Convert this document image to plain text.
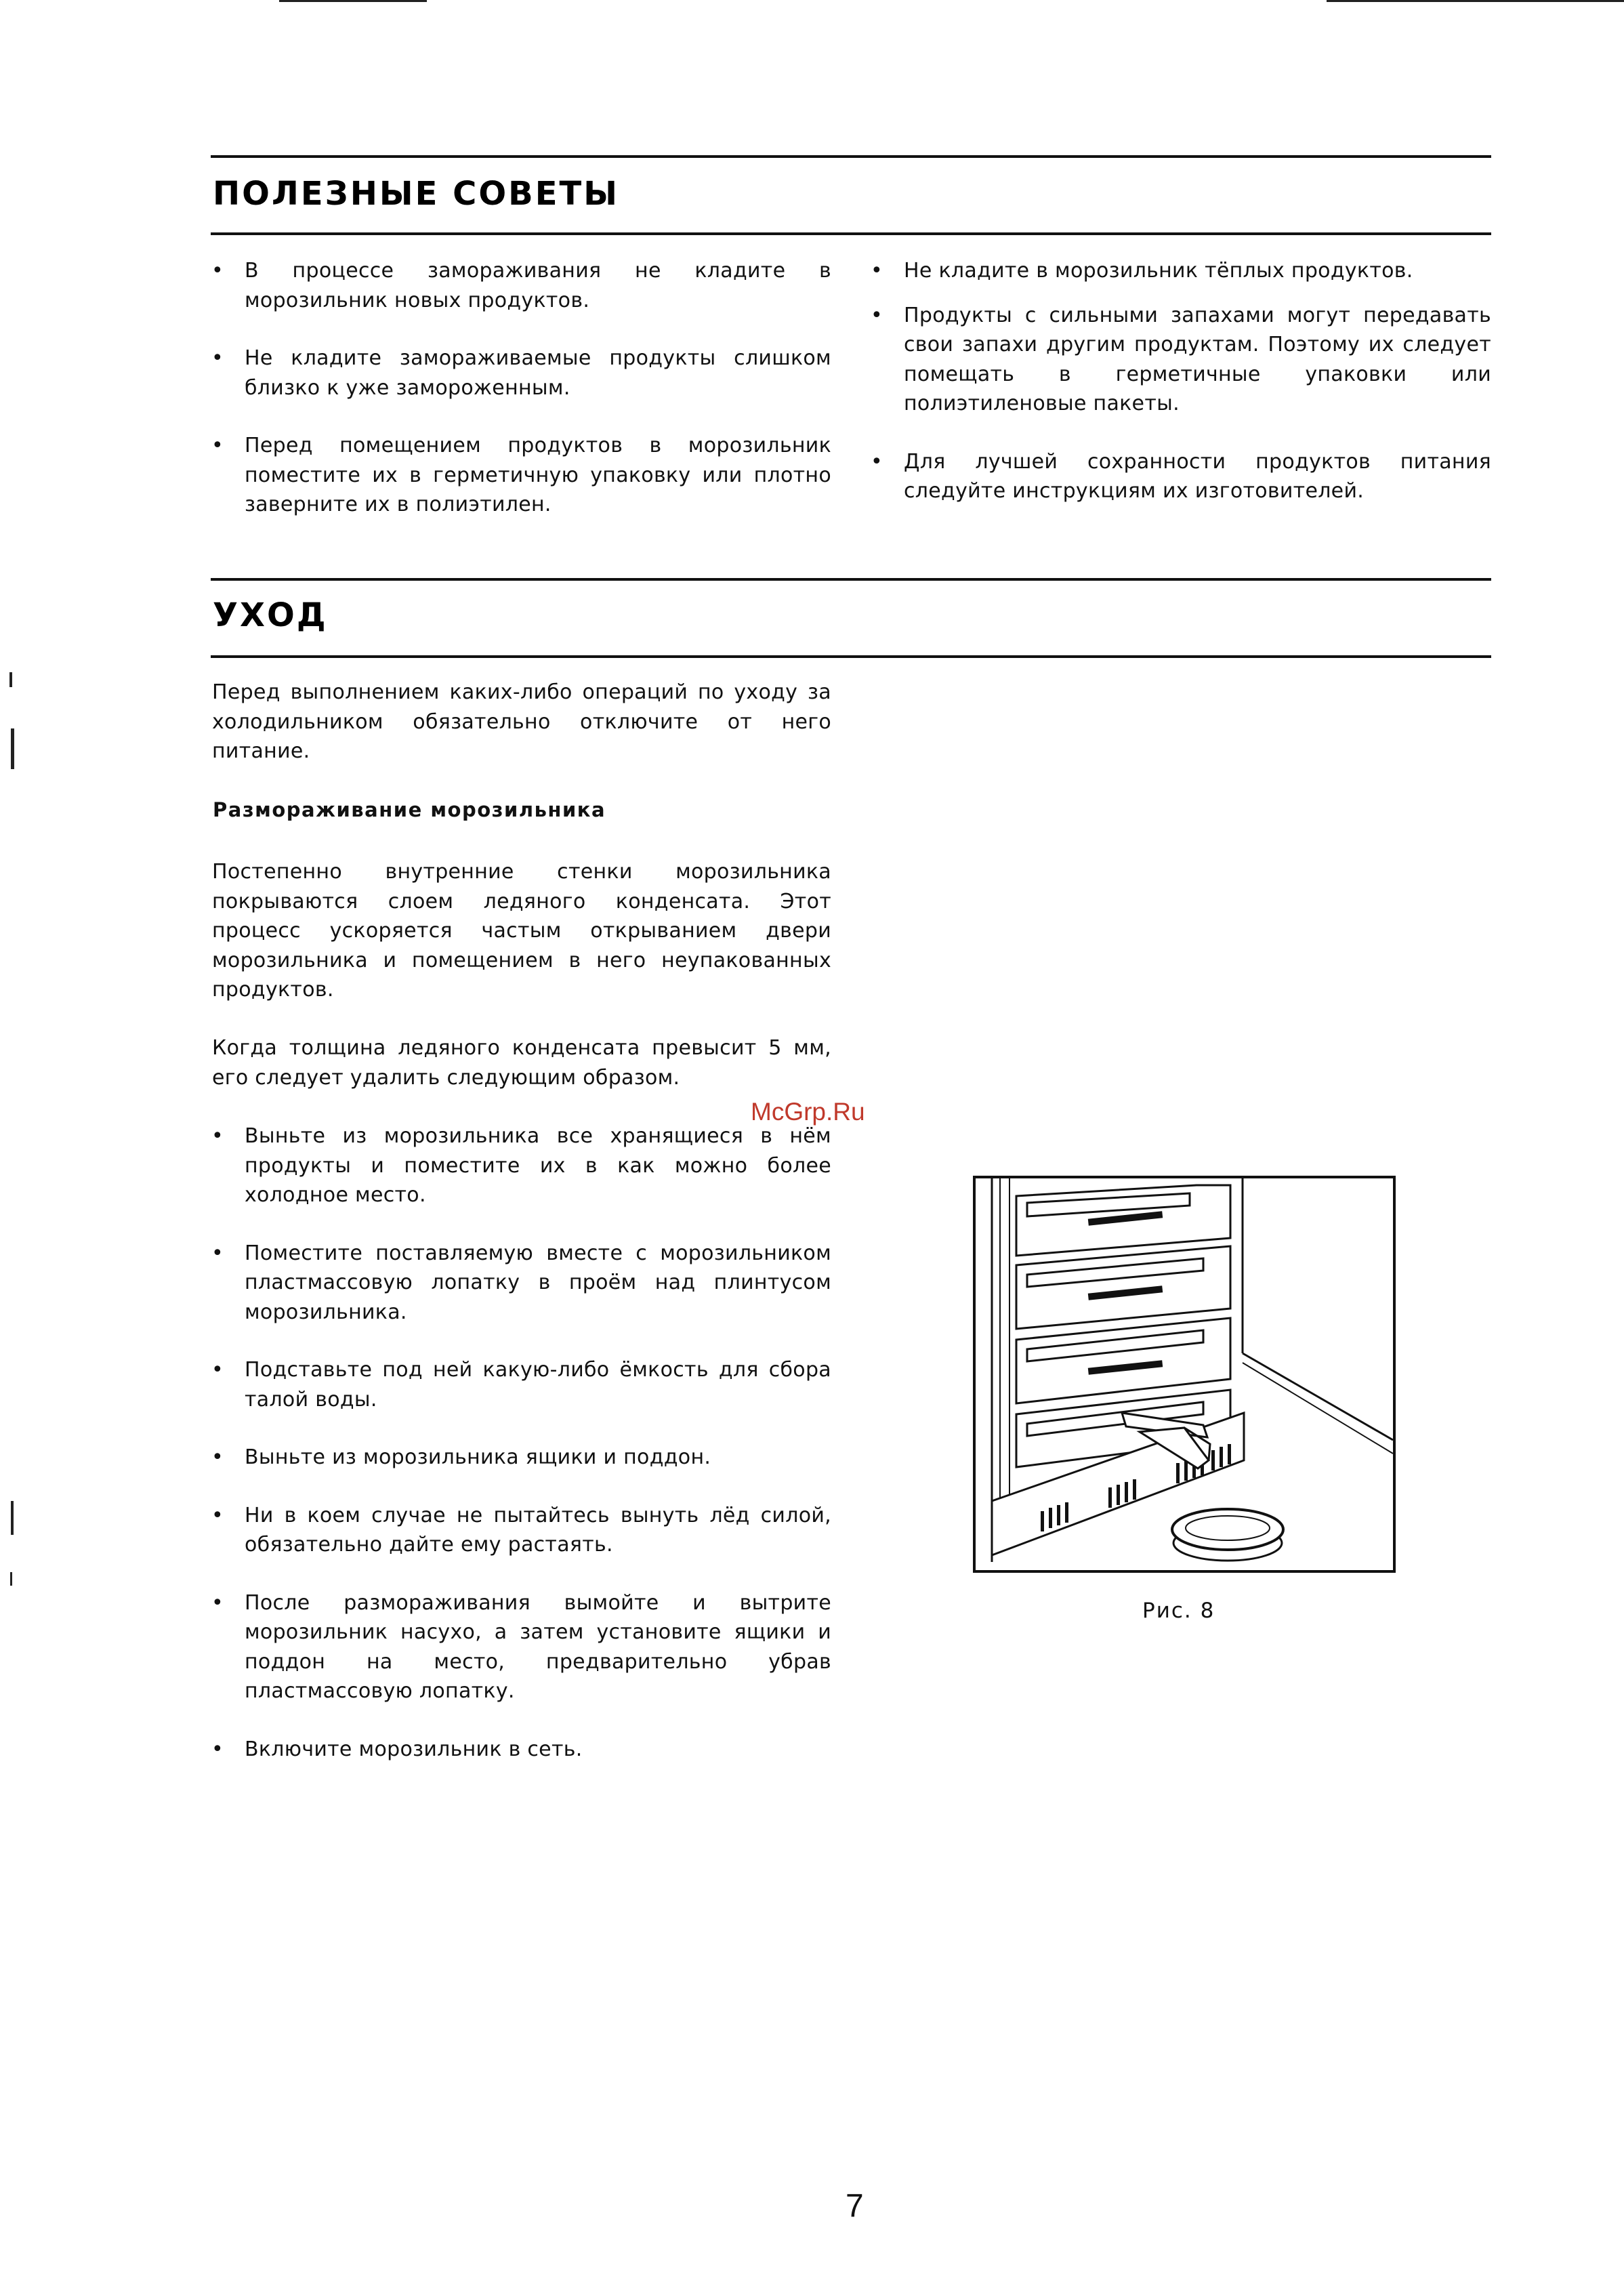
ПОЛЕЗНЫЕ СОВЕТЫ
• В процессе замораживания не кладите в морозильник новых продуктов.
• Не кладите замораживаемые продукты слишком близко к уже замороженным.
• Перед помещением продуктов в морозильник поместите их в герметичную упаковку или плотно заверните их в полиэтилен.
• Не кладите в морозильник тёплых продуктов.
• Продукты с сильными запахами могут передавать свои запахи другим продуктам. Поэтому их следует помещать в герметичные упаковки или полиэтиленовые пакеты.
• Для лучшей сохранности продуктов питания следуйте инструкциям их изготовителей.
УХОД

Перед выполнением каких-либо операций по уходу за холодильником обязательно отключите от него питание.

Размораживание морозильника

Постепенно внутренние стенки морозильника покрываются слоем ледяного конденсата. Этот процесс ускоряется частым открыванием двери морозильника и помещением в него неупакованных продуктов.

Когда толщина ледяного конденсата превысит 5 мм, его следует удалить следующим образом.

• Выньте из морозильника все хранящиеся в нём продукты и поместите их в как можно более холодное место.
• Поместите поставляемую вместе с морозильником пластмассовую лопатку в проём над плинтусом морозильника.
• Подставьте под ней какую-либо ёмкость для сбора талой воды.
• Выньте из морозильника ящики и поддон.
• Ни в коем случае не пытайтесь вынуть лёд силой, обязательно дайте ему растаять.
• После размораживания вымойте и вытрите морозильник насухо, а затем установите ящики и поддон на место, предварительно убрав пластмассовую лопатку.
• Включите морозильник в сеть.
McGrp.Ru
Рис. 8
7
